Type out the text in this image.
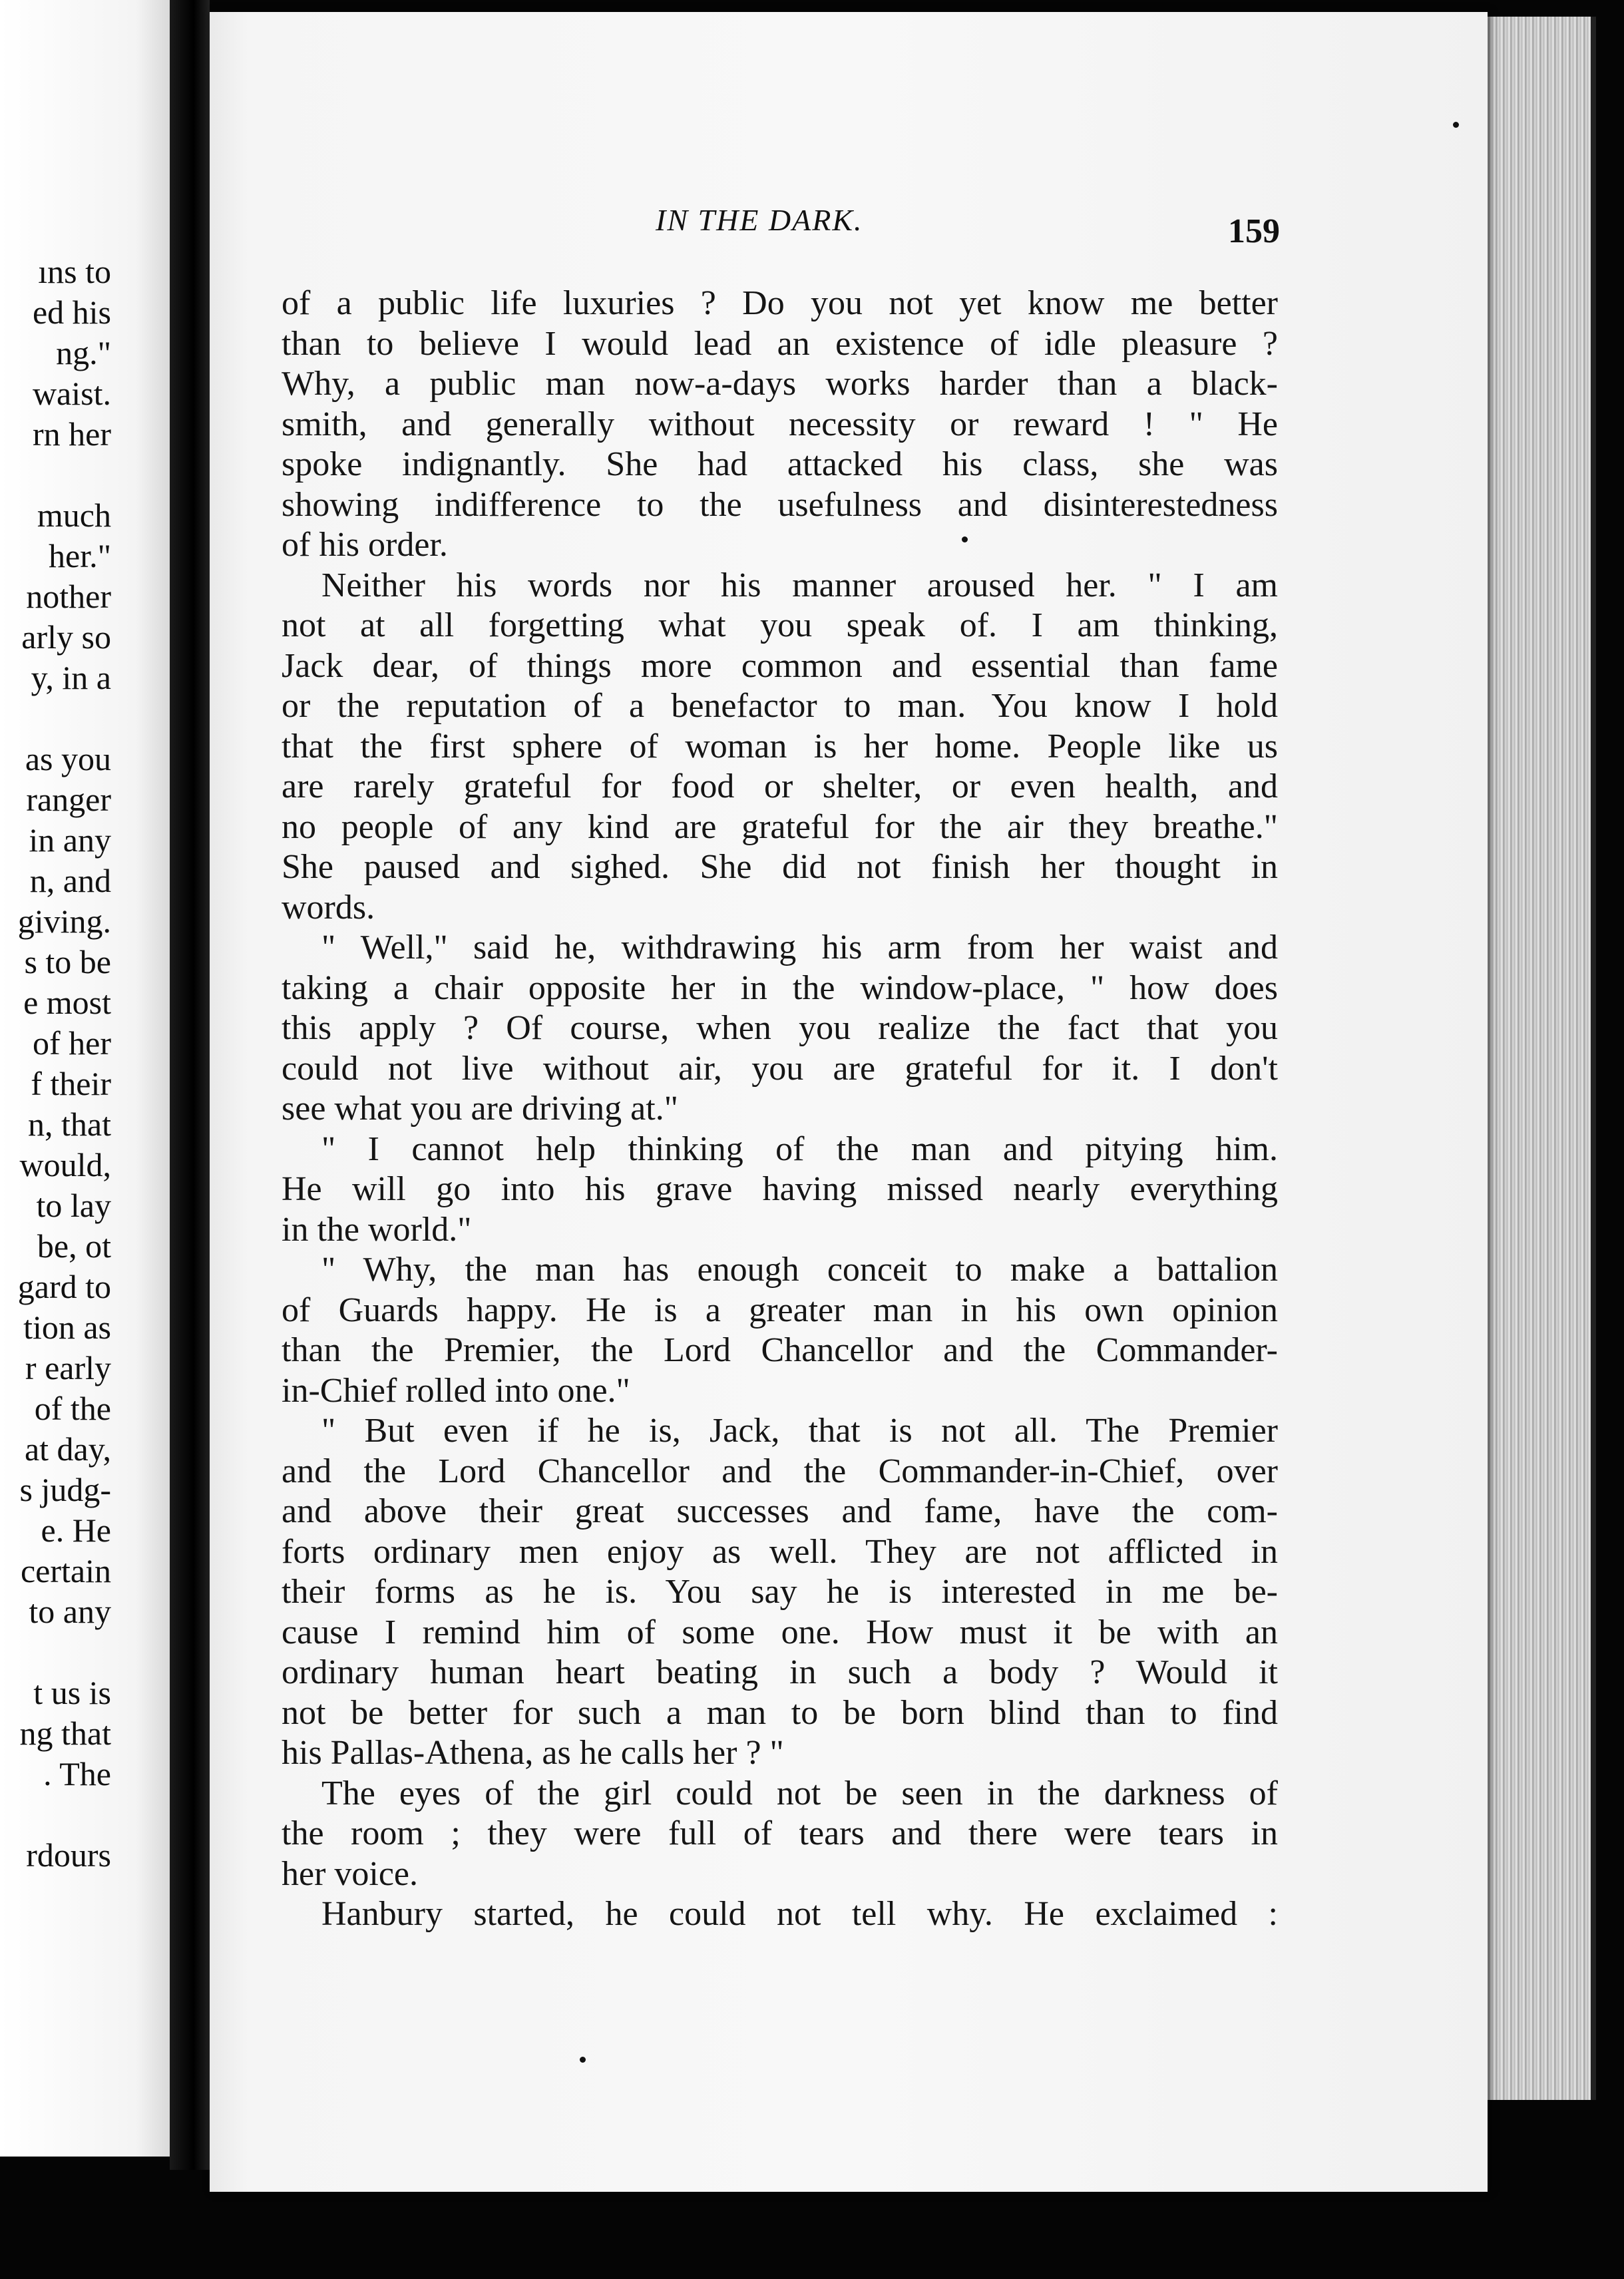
ıns to
ed his
ng."
waist.
rn her
much
her."
nother
arly so
y, in a
as you
ranger
in any
n, and
giving.
s to be
e most
of her
f their
n, that
would,
to lay
be, ot
gard to
tion as
r early
of the
at day,
s judg-
e. He
certain
to any
t us is
ng that
. The
rdours
IN THE DARK.	159
of a public life luxuries ? Do you not yet know me better
than to believe I would lead an existence of idle pleasure ?
Why, a public man now-a-days works harder than a black-
smith, and generally without necessity or reward ! " He
spoke indignantly. She had attacked his class, she was
showing indifference to the usefulness and disinterestedness
of his order.
Neither his words nor his manner aroused her. " I am
not at all forgetting what you speak of. I am thinking,
Jack dear, of things more common and essential than fame
or the reputation of a benefactor to man. You know I hold
that the first sphere of woman is her home. People like us
are rarely grateful for food or shelter, or even health, and
no people of any kind are grateful for the air they breathe."
She paused and sighed. She did not finish her thought in
words.
" Well," said he, withdrawing his arm from her waist and
taking a chair opposite her in the window-place, " how does
this apply ? Of course, when you realize the fact that you
could not live without air, you are grateful for it. I don't
see what you are driving at."
" I cannot help thinking of the man and pitying him.
He will go into his grave having missed nearly everything
in the world."
" Why, the man has enough conceit to make a battalion
of Guards happy. He is a greater man in his own opinion
than the Premier, the Lord Chancellor and the Commander-
in-Chief rolled into one."
" But even if he is, Jack, that is not all. The Premier
and the Lord Chancellor and the Commander-in-Chief, over
and above their great successes and fame, have the com-
forts ordinary men enjoy as well. They are not afflicted in
their forms as he is. You say he is interested in me be-
cause I remind him of some one. How must it be with an
ordinary human heart beating in such a body ? Would it
not be better for such a man to be born blind than to find
his Pallas-Athena, as he calls her ? "
The eyes of the girl could not be seen in the darkness of
the room ; they were full of tears and there were tears in
her voice.
Hanbury started, he could not tell why. He exclaimed :
